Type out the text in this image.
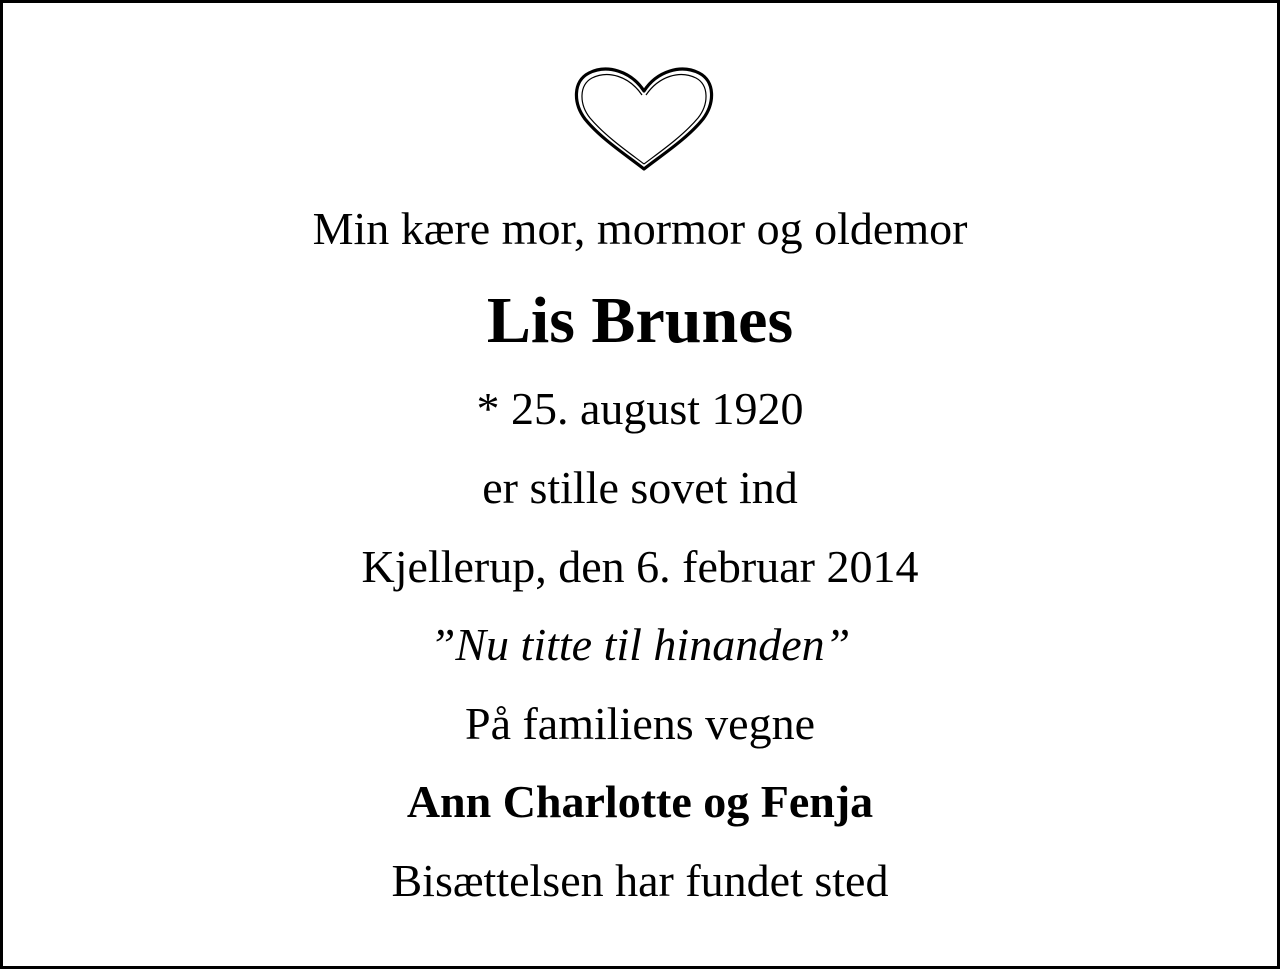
Min kære mor, mormor og oldemor
Lis Brunes
* 25. august 1920
er stille sovet ind
Kjellerup, den 6. februar 2014
”Nu titte til hinanden”
På familiens vegne
Ann Charlotte og Fenja
Bisættelsen har fundet sted
